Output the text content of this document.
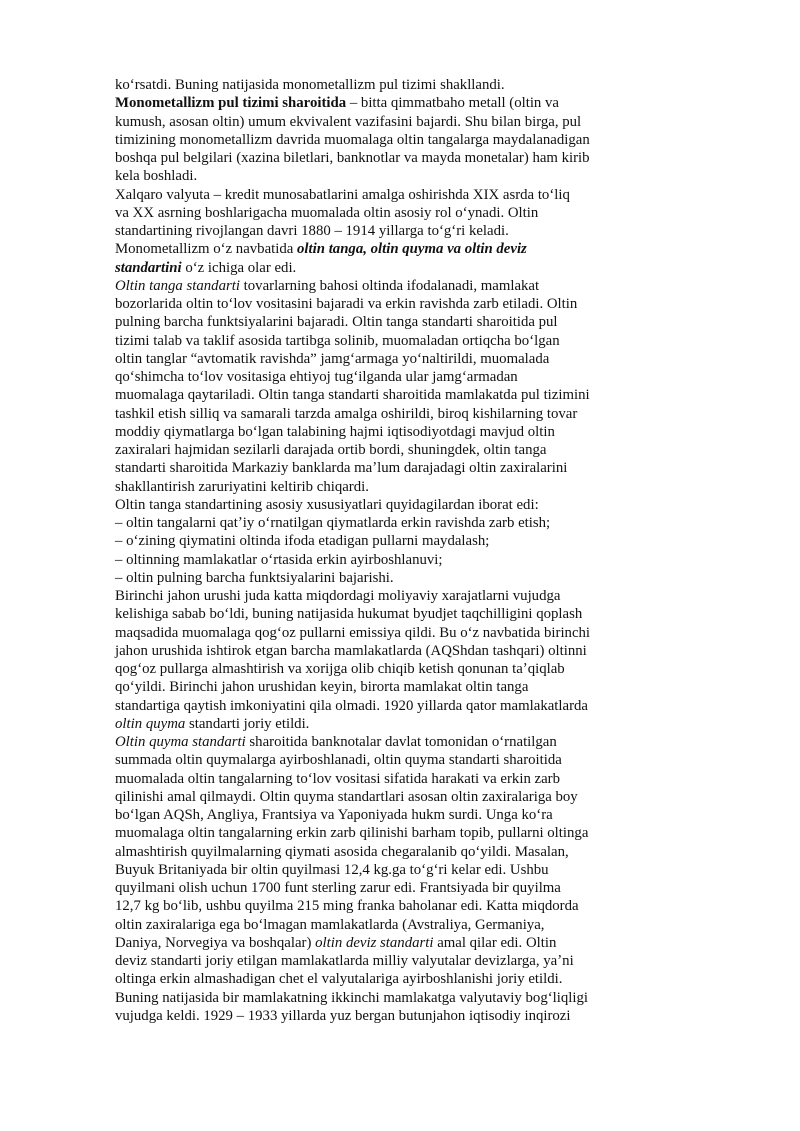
koʻrsatdi. Buning natijasida monometallizm pul tizimi shakllandi.
Monometallizm pul tizimi sharoitida – bitta qimmatbaho metall (oltin va
kumush, asosan oltin) umum ekvivalent vazifasini bajardi. Shu bilan birga, pul
timizining monometallizm davrida muomalaga oltin tangalarga maydalanadigan
boshqa pul belgilari (xazina biletlari, banknotlar va mayda monetalar) ham kirib
kela boshladi.
Xalqaro valyuta – kredit munosabatlarini amalga oshirishda XIX asrda toʻliq
va XX asrning boshlarigacha muomalada oltin asosiy rol oʻynadi. Oltin
standartining rivojlangan davri 1880 – 1914 yillarga toʻgʻri keladi.
Monometallizm oʻz navbatida oltin tanga, oltin quyma va oltin deviz
standartini oʻz ichiga olar edi.
Oltin tanga standarti tovarlarning bahosi oltinda ifodalanadi, mamlakat
bozorlarida oltin toʻlov vositasini bajaradi va erkin ravishda zarb etiladi. Oltin
pulning barcha funktsiyalarini bajaradi. Oltin tanga standarti sharoitida pul
tizimi talab va taklif asosida tartibga solinib, muomaladan ortiqcha boʻlgan
oltin tanglar “avtomatik ravishda” jamgʻarmaga yoʻnaltirildi, muomalada
qoʻshimcha toʻlov vositasiga ehtiyoj tugʻilganda ular jamgʻarmadan
muomalaga qaytariladi. Oltin tanga standarti sharoitida mamlakatda pul tizimini
tashkil etish silliq va samarali tarzda amalga oshirildi, biroq kishilarning tovar
moddiy qiymatlarga boʻlgan talabining hajmi iqtisodiyotdagi mavjud oltin
zaxiralari hajmidan sezilarli darajada ortib bordi, shuningdek, oltin tanga
standarti sharoitida Markaziy banklarda maʼlum darajadagi oltin zaxiralarini
shakllantirish zaruriyatini keltirib chiqardi.
Oltin tanga standartining asosiy xususiyatlari quyidagilardan iborat edi:
– oltin tangalarni qatʼiy oʻrnatilgan qiymatlarda erkin ravishda zarb etish;
– oʻzining qiymatini oltinda ifoda etadigan pullarni maydalash;
– oltinning mamlakatlar oʻrtasida erkin ayirboshlanuvi;
– oltin pulning barcha funktsiyalarini bajarishi.
Birinchi jahon urushi juda katta miqdordagi moliyaviy xarajatlarni vujudga
kelishiga sabab boʻldi, buning natijasida hukumat byudjet taqchilligini qoplash
maqsadida muomalaga qogʻoz pullarni emissiya qildi. Bu oʻz navbatida birinchi
jahon urushida ishtirok etgan barcha mamlakatlarda (AQShdan tashqari) oltinni
qogʻoz pullarga almashtirish va xorijga olib chiqib ketish qonunan taʼqiqlab
qoʻyildi. Birinchi jahon urushidan keyin, birorta mamlakat oltin tanga
standartiga qaytish imkoniyatini qila olmadi. 1920 yillarda qator mamlakatlarda
oltin quyma standarti joriy etildi.
Oltin quyma standarti sharoitida banknotalar davlat tomonidan oʻrnatilgan
summada oltin quymalarga ayirboshlanadi, oltin quyma standarti sharoitida
muomalada oltin tangalarning toʻlov vositasi sifatida harakati va erkin zarb
qilinishi amal qilmaydi. Oltin quyma standartlari asosan oltin zaxiralariga boy
boʻlgan AQSh, Angliya, Frantsiya va Yaponiyada hukm surdi. Unga koʻra
muomalaga oltin tangalarning erkin zarb qilinishi barham topib, pullarni oltinga
almashtirish quyilmalarning qiymati asosida chegaralanib qoʻyildi. Masalan,
Buyuk Britaniyada bir oltin quyilmasi 12,4 kg.ga toʻgʻri kelar edi. Ushbu
quyilmani olish uchun 1700 funt sterling zarur edi. Frantsiyada bir quyilma
12,7 kg boʻlib, ushbu quyilma 215 ming franka baholanar edi. Katta miqdorda
oltin zaxiralariga ega boʻlmagan mamlakatlarda (Avstraliya, Germaniya,
Daniya, Norvegiya va boshqalar) oltin deviz standarti amal qilar edi. Oltin
deviz standarti joriy etilgan mamlakatlarda milliy valyutalar devizlarga, yaʼni
oltinga erkin almashadigan chet el valyutalariga ayirboshlanishi joriy etildi.
Buning natijasida bir mamlakatning ikkinchi mamlakatga valyutaviy bogʻliqligi
vujudga keldi. 1929 – 1933 yillarda yuz bergan butunjahon iqtisodiy inqirozi
